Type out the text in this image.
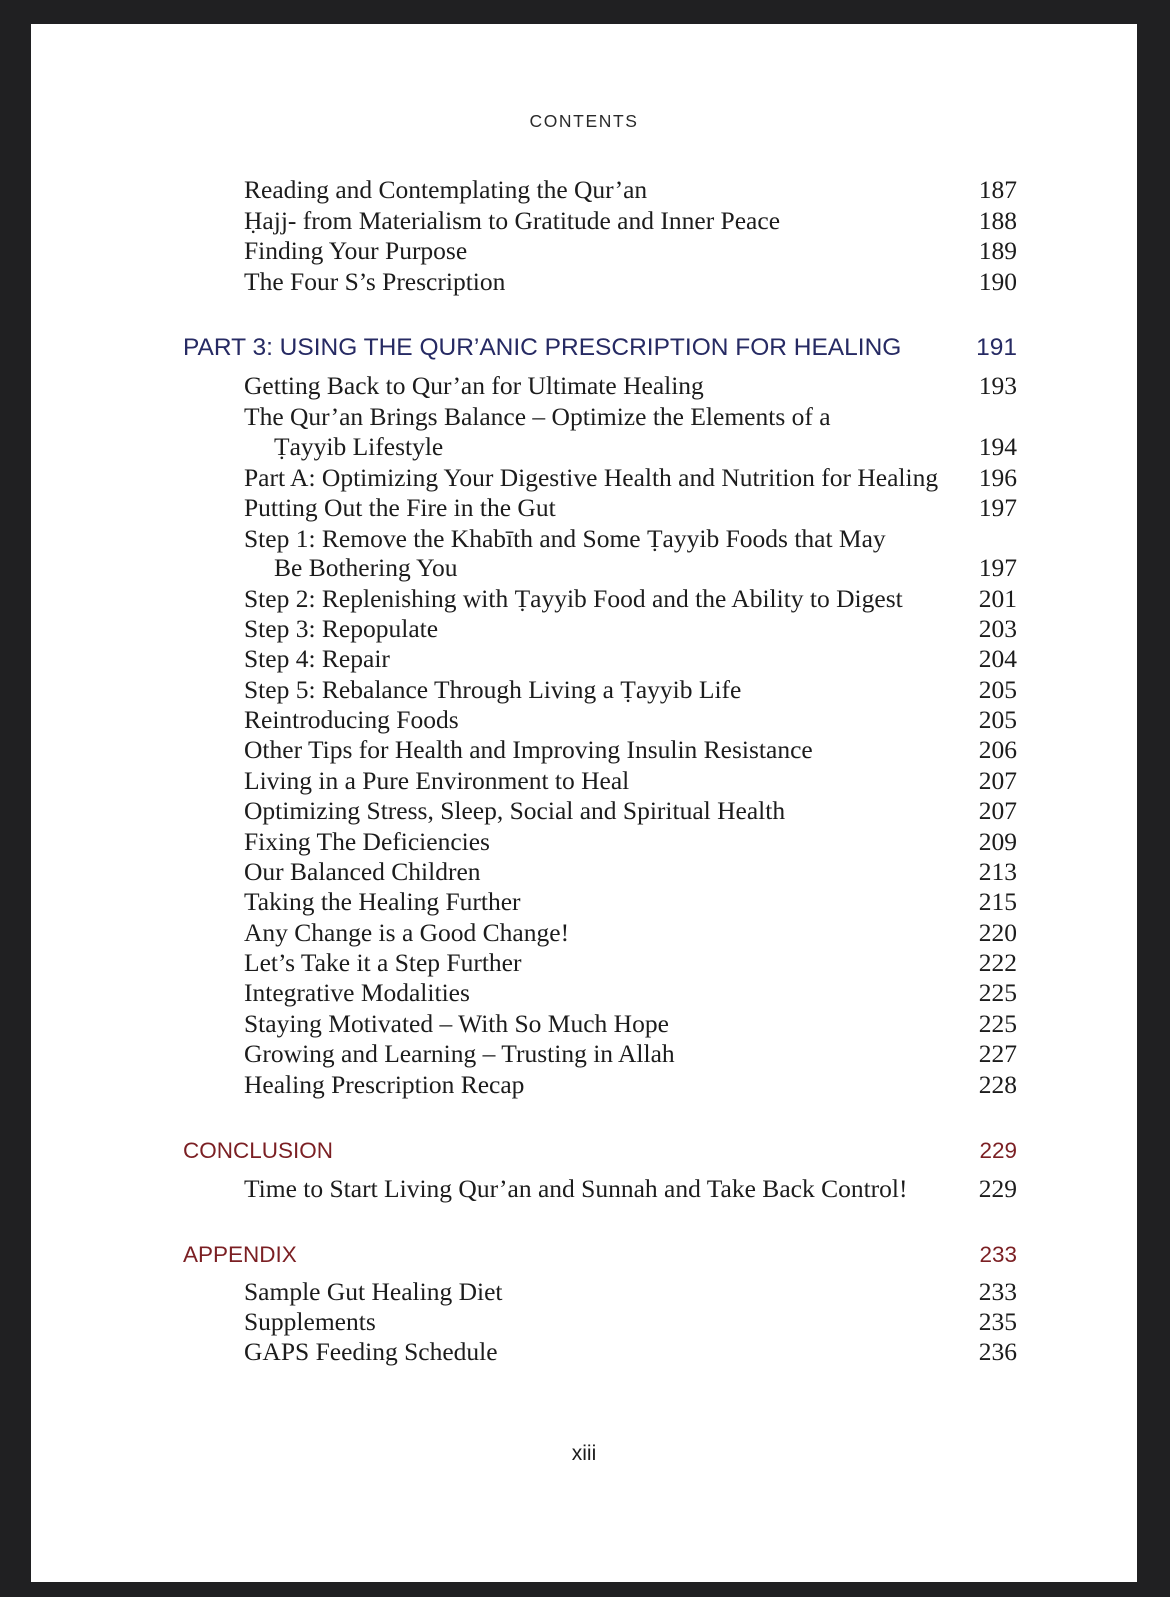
CONTENTS
Reading and Contemplating the Qur’an	187
Ḥajj- from Materialism to Gratitude and Inner Peace	188
Finding Your Purpose	189
The Four S’s Prescription	190
PART 3: USING THE QUR’ANIC PRESCRIPTION FOR HEALING	191
Getting Back to Qur’an for Ultimate Healing	193
The Qur’an Brings Balance – Optimize the Elements of a
Ṭayyib Lifestyle	194
Part A: Optimizing Your Digestive Health and Nutrition for Healing 196
Putting Out the Fire in the Gut	197
Step 1: Remove the Khabīth and Some Ṭayyib Foods that May
Be Bothering You	197
Step 2: Replenishing with Ṭayyib Food and the Ability to Digest	201
Step 3: Repopulate	203
Step 4: Repair	204
Step 5: Rebalance Through Living a Ṭayyib Life	205
Reintroducing Foods	205
Other Tips for Health and Improving Insulin Resistance	206
Living in a Pure Environment to Heal	207
Optimizing Stress, Sleep, Social and Spiritual Health	207
Fixing The Deficiencies	209
Our Balanced Children	213
Taking the Healing Further	215
Any Change is a Good Change!	220
Let’s Take it a Step Further	222
Integrative Modalities	225
Staying Motivated – With So Much Hope	225
Growing and Learning – Trusting in Allah	227
Healing Prescription Recap	228
CONCLUSION	229
Time to Start Living Qur’an and Sunnah and Take Back Control!	229
APPENDIX	233
Sample Gut Healing Diet	233
Supplements	235
GAPS Feeding Schedule	236
xiii
